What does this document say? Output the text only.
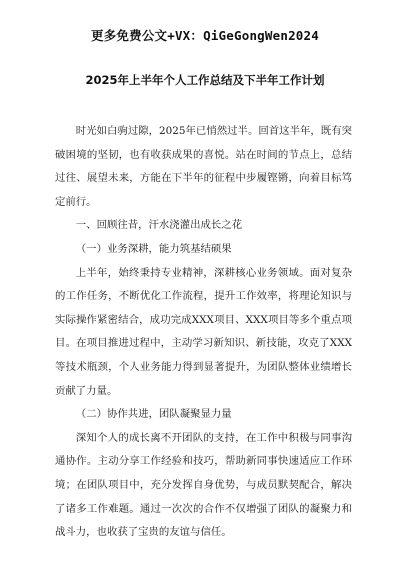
更多免费公文+VX：QiGeGongWen2024
2025年上半年个人工作总结及下半年工作计划

时光如白驹过隙，2025年已悄然过半。回首这半年，既有突破困境的坚韧，也有收获成果的喜悦。站在时间的节点上，总结过往、展望未来，方能在下半年的征程中步履铿锵，向着目标笃定前行。

一、回顾往昔，汗水浇灌出成长之花

（一）业务深耕，能力筑基结硕果

上半年，始终秉持专业精神，深耕核心业务领域。面对复杂的工作任务，不断优化工作流程，提升工作效率，将理论知识与实际操作紧密结合，成功完成XXX项目、XXX项目等多个重点项目。在项目推进过程中，主动学习新知识、新技能，攻克了XXX等技术瓶颈，个人业务能力得到显著提升，为团队整体业绩增长贡献了力量。

（二）协作共进，团队凝聚显力量

深知个人的成长离不开团队的支持，在工作中积极与同事沟通协作。主动分享工作经验和技巧，帮助新同事快速适应工作环境；在团队项目中，充分发挥自身优势，与成员默契配合，解决了诸多工作难题。通过一次次的合作不仅增强了团队的凝聚力和战斗力，也收获了宝贵的友谊与信任。
